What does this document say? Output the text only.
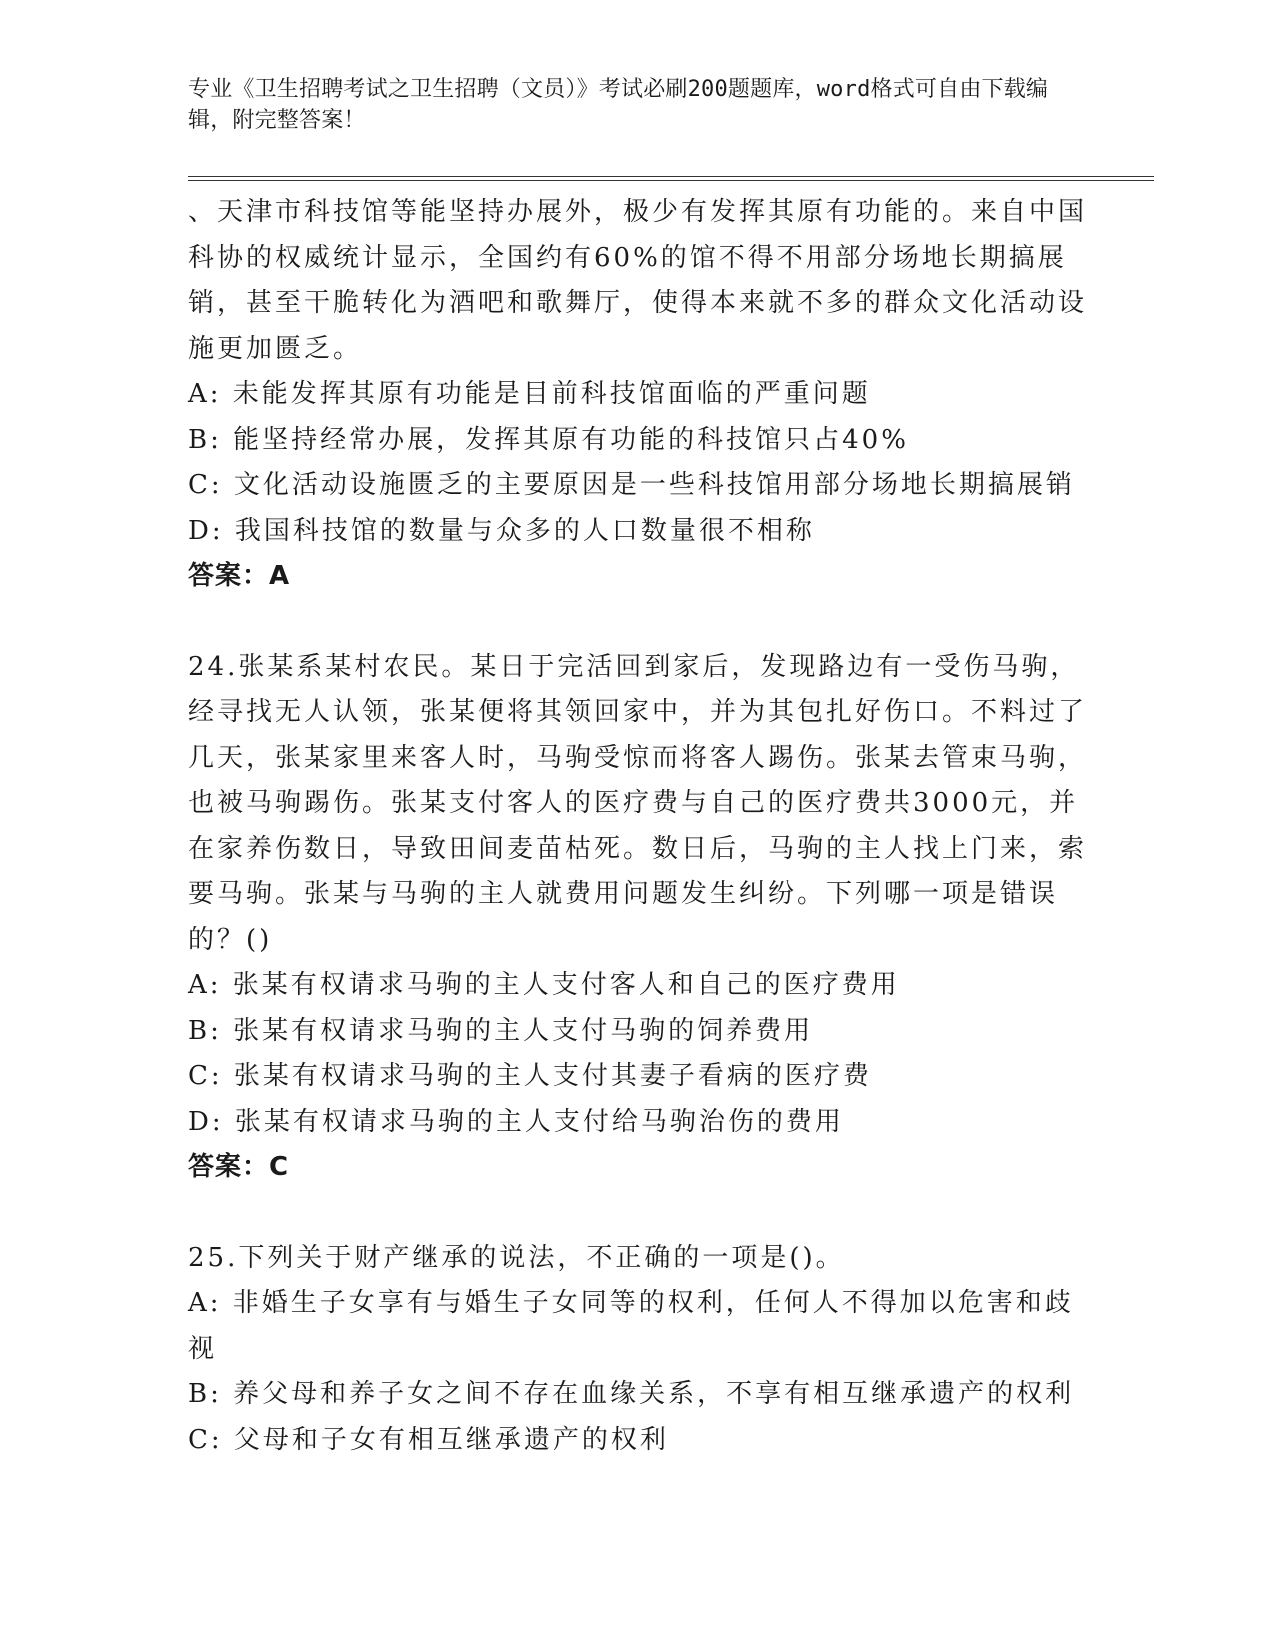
专业《卫生招聘考试之卫生招聘（文员）》考试必刷200题题库，word格式可自由下载编辑，附完整答案！

、天津市科技馆等能坚持办展外，极少有发挥其原有功能的。来自中国科协的权威统计显示，全国约有60%的馆不得不用部分场地长期搞展销，甚至干脆转化为酒吧和歌舞厅，使得本来就不多的群众文化活动设施更加匮乏。

A: 未能发挥其原有功能是目前科技馆面临的严重问题

B: 能坚持经常办展，发挥其原有功能的科技馆只占40%

C: 文化活动设施匮乏的主要原因是一些科技馆用部分场地长期搞展销

D: 我国科技馆的数量与众多的人口数量很不相称

答案：A

24.张某系某村农民。某日于完活回到家后，发现路边有一受伤马驹，经寻找无人认领，张某便将其领回家中，并为其包扎好伤口。不料过了几天，张某家里来客人时，马驹受惊而将客人踢伤。张某去管束马驹，也被马驹踢伤。张某支付客人的医疗费与自己的医疗费共3000元，并在家养伤数日，导致田间麦苗枯死。数日后，马驹的主人找上门来，索要马驹。张某与马驹的主人就费用问题发生纠纷。下列哪一项是错误的？()

A: 张某有权请求马驹的主人支付客人和自己的医疗费用

B: 张某有权请求马驹的主人支付马驹的饲养费用

C: 张某有权请求马驹的主人支付其妻子看病的医疗费

D: 张某有权请求马驹的主人支付给马驹治伤的费用

答案：C

25.下列关于财产继承的说法，不正确的一项是()。

A: 非婚生子女享有与婚生子女同等的权利，任何人不得加以危害和歧视

B: 养父母和养子女之间不存在血缘关系，不享有相互继承遗产的权利

C: 父母和子女有相互继承遗产的权利
